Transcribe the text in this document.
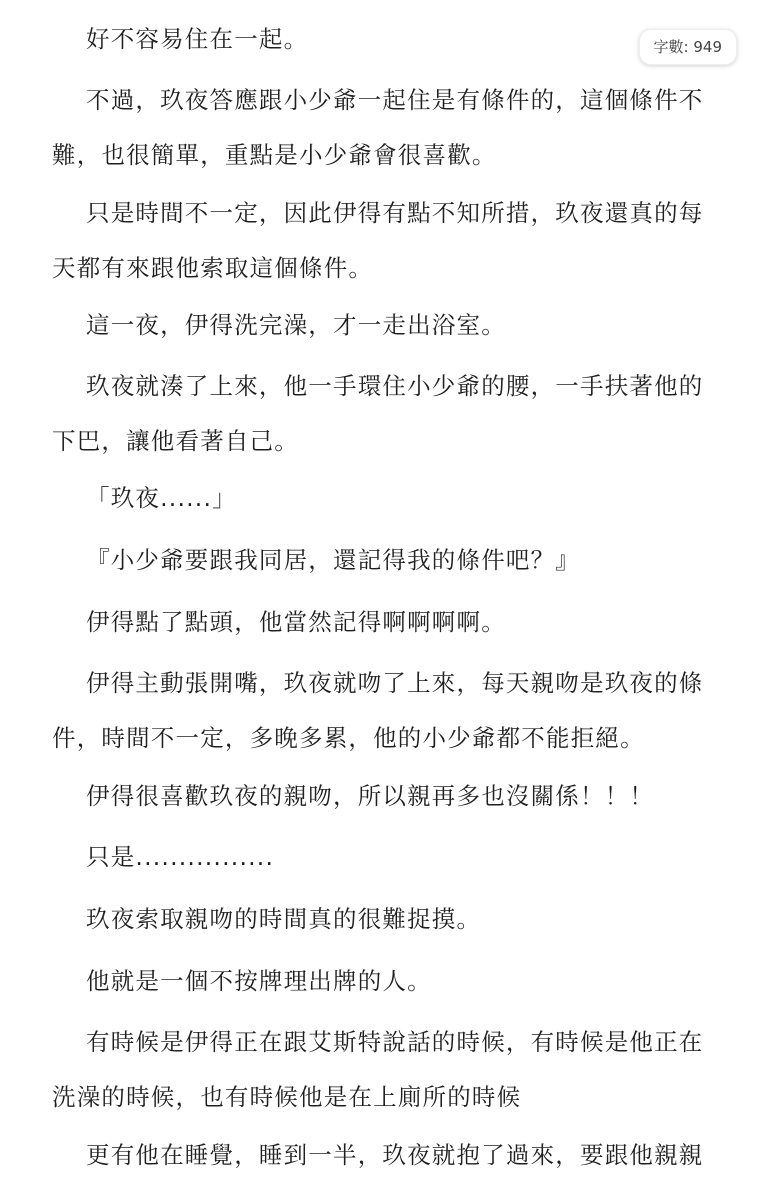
字數: 949

好不容易住在一起。

不過，玖夜答應跟小少爺一起住是有條件的，這個條件不
難，也很簡單，重點是小少爺會很喜歡。

只是時間不一定，因此伊得有點不知所措，玖夜還真的每
天都有來跟他索取這個條件。

這一夜，伊得洗完澡，才一走出浴室。

玖夜就湊了上來，他一手環住小少爺的腰，一手扶著他的
下巴，讓他看著自己。

「玖夜......」

『小少爺要跟我同居，還記得我的條件吧？』

伊得點了點頭，他當然記得啊啊啊啊。

伊得主動張開嘴，玖夜就吻了上來，每天親吻是玖夜的條
件，時間不一定，多晚多累，他的小少爺都不能拒絕。

伊得很喜歡玖夜的親吻，所以親再多也沒關係！！！

只是................

玖夜索取親吻的時間真的很難捉摸。

他就是一個不按牌理出牌的人。

有時候是伊得正在跟艾斯特說話的時候，有時候是他正在
洗澡的時候，也有時候他是在上廁所的時候

更有他在睡覺，睡到一半，玖夜就抱了過來，要跟他親親
